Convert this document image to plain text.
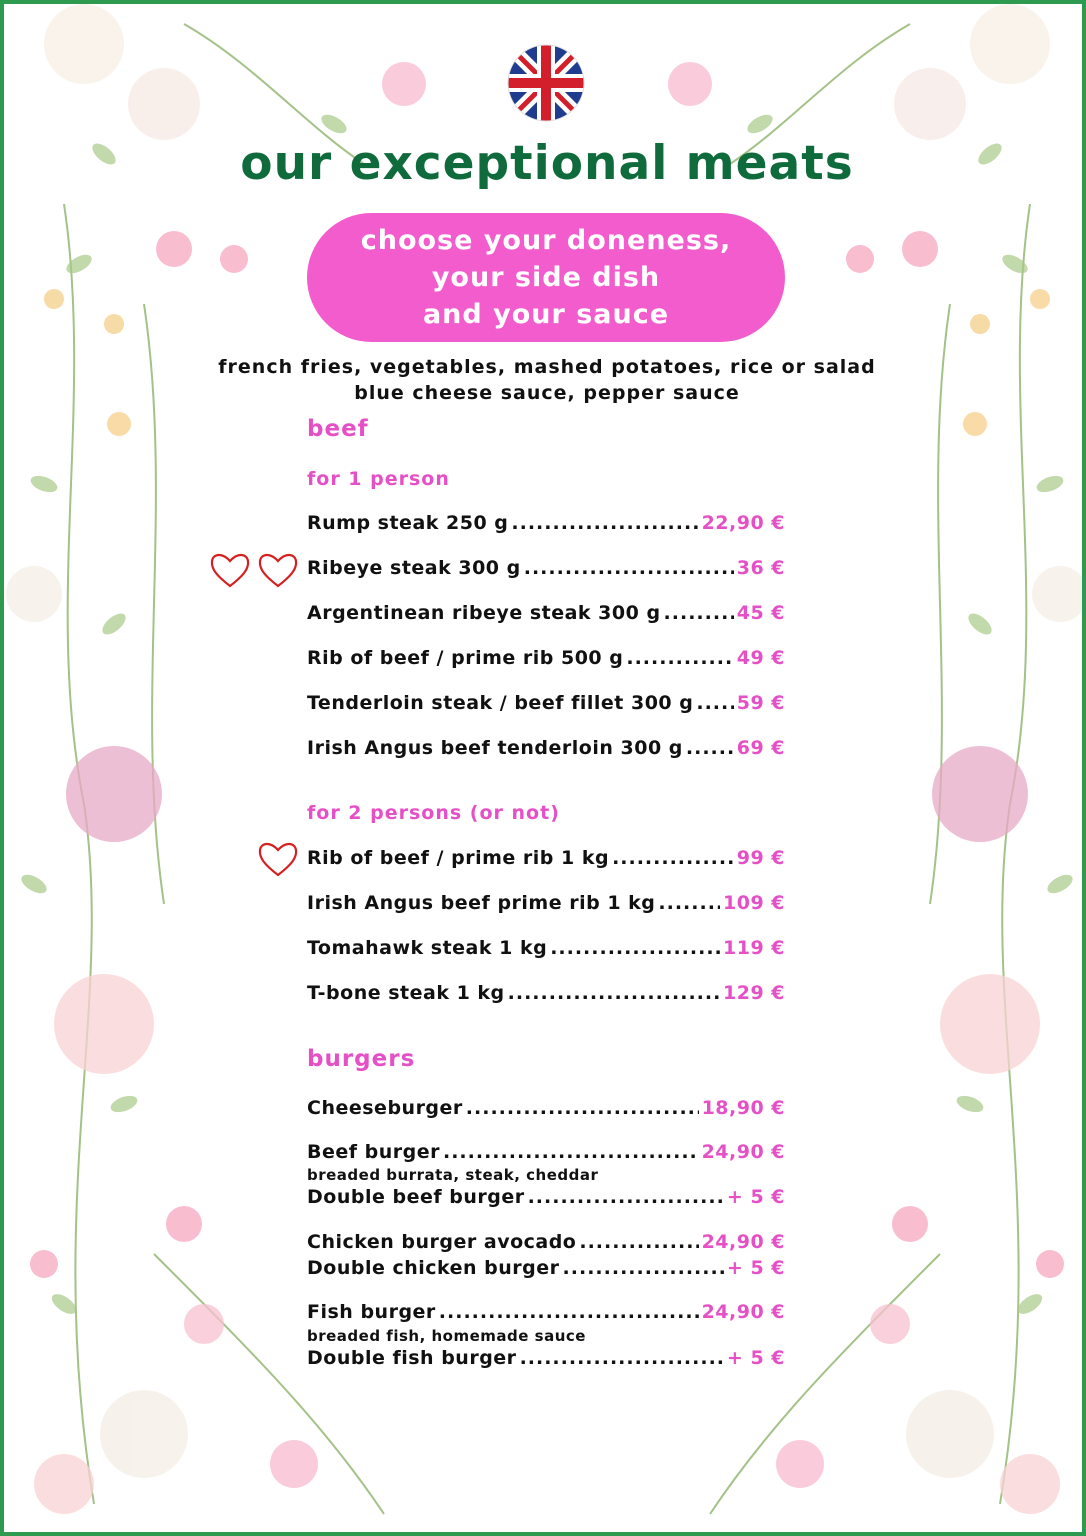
our exceptional meats
choose your doneness,
your side dish
and your sauce
french fries, vegetables, mashed potatoes, rice or salad
blue cheese sauce, pepper sauce
beef
for 1 person
Rump steak 250 g .....	22,90 €
Ribeye steak 300 g .....	36 €
Argentinean ribeye steak 300 g .....	45 €
Rib of beef / prime rib 500 g .....	49 €
Tenderloin steak / beef fillet 300 g ..... 59 €
Irish Angus beef tenderloin 300 g .....	69 €
for 2 persons (or not)
Rib of beef / prime rib 1 kg .....	99 €
Irish Angus beef prime rib 1 kg .....	109 €
Tomahawk steak 1 kg .....	119 €
T-bone steak 1 kg .....	129 €
burgers
Cheeseburger .....	18,90 €
Beef burger .....	24,90 €
breaded burrata, steak, cheddar
Double beef burger .....	+ 5 €
Chicken burger avocado .....	24,90 €
Double chicken burger .....	+ 5 €
Fish burger .....	24,90 €
breaded fish, homemade sauce
Double fish burger .....	+ 5 €
